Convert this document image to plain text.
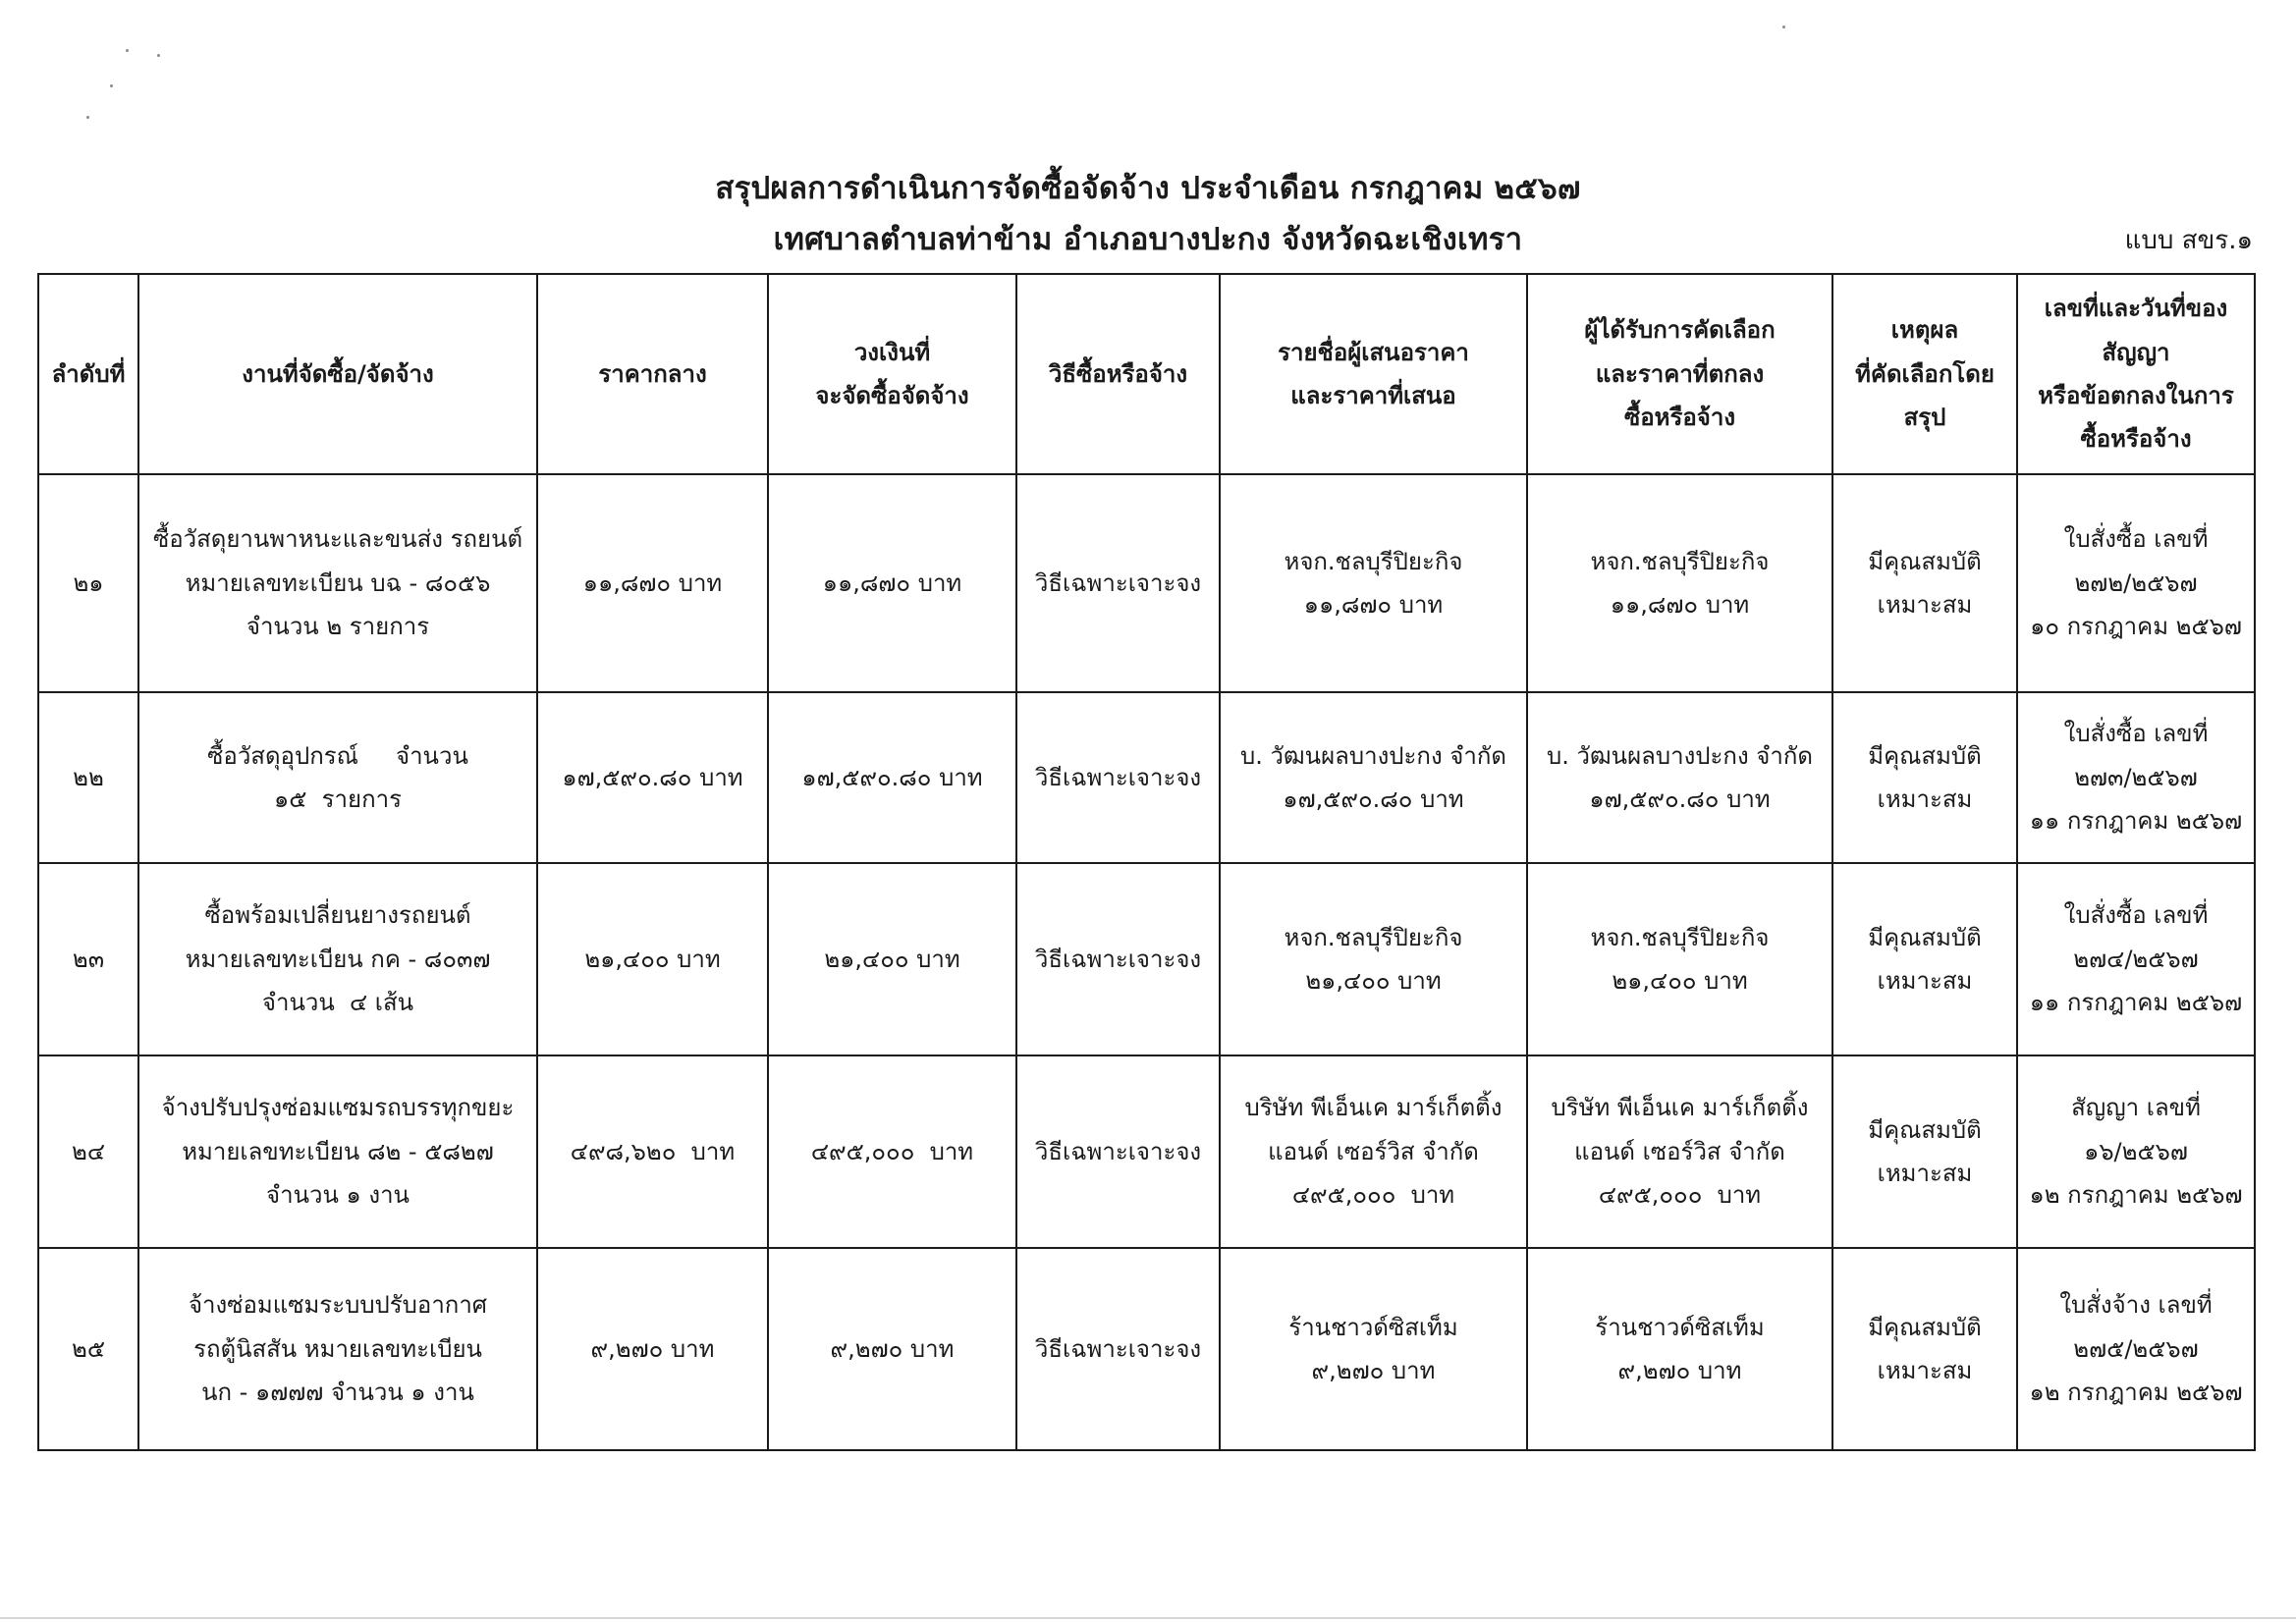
สรุปผลการดำเนินการจัดซื้อจัดจ้าง ประจำเดือน กรกฎาคม ๒๕๖๗
เทศบาลตำบลท่าข้าม อำเภอบางปะกง จังหวัดฉะเชิงเทรา	แบบ สขร.๑
ลำดับที่	งานที่จัดซื้อ/จัดจ้าง	ราคากลาง	วงเงินที่
จะจัดซื้อจัดจ้าง	วิธีซื้อหรือจ้าง	รายชื่อผู้เสนอราคา
และราคาที่เสนอ	ผู้ได้รับการคัดเลือก
และราคาที่ตกลง
ซื้อหรือจ้าง	เหตุผล
ที่คัดเลือกโดย
สรุป	เลขที่และวันที่ของ
สัญญา
หรือข้อตกลงในการ
ซื้อหรือจ้าง

๒๑	ซื้อวัสดุยานพาหนะและขนส่ง รถยนต์
หมายเลขทะเบียน บฉ - ๘๐๕๖
จำนวน ๒ รายการ	๑๑,๘๗๐ บาท	๑๑,๘๗๐ บาท	วิธีเฉพาะเจาะจง	หจก.ชลบุรีปิยะกิจ
๑๑,๘๗๐ บาท	หจก.ชลบุรีปิยะกิจ
๑๑,๘๗๐ บาท	มีคุณสมบัติ
เหมาะสม	ใบสั่งซื้อ เลขที่
๒๗๒/๒๕๖๗
๑๐ กรกฎาคม ๒๕๖๗

๒๒	ซื้อวัสดุอุปกรณ์     จำนวน
๑๕  รายการ	๑๗,๕๙๐.๘๐ บาท	๑๗,๕๙๐.๘๐ บาท	วิธีเฉพาะเจาะจง	บ. วัฒนผลบางปะกง จำกัด
๑๗,๕๙๐.๘๐ บาท	บ. วัฒนผลบางปะกง จำกัด
๑๗,๕๙๐.๘๐ บาท	มีคุณสมบัติ
เหมาะสม	ใบสั่งซื้อ เลขที่
๒๗๓/๒๕๖๗
๑๑ กรกฎาคม ๒๕๖๗

๒๓	ซื้อพร้อมเปลี่ยนยางรถยนต์
หมายเลขทะเบียน กค - ๘๐๓๗
จำนวน  ๔ เส้น	๒๑,๔๐๐ บาท	๒๑,๔๐๐ บาท	วิธีเฉพาะเจาะจง	หจก.ชลบุรีปิยะกิจ
๒๑,๔๐๐ บาท	หจก.ชลบุรีปิยะกิจ
๒๑,๔๐๐ บาท	มีคุณสมบัติ
เหมาะสม	ใบสั่งซื้อ เลขที่
๒๗๔/๒๕๖๗
๑๑ กรกฎาคม ๒๕๖๗

๒๔	จ้างปรับปรุงซ่อมแซมรถบรรทุกขยะ
หมายเลขทะเบียน ๘๒ - ๕๘๒๗
จำนวน ๑ งาน	๔๙๘,๖๒๐  บาท	๔๙๕,๐๐๐  บาท	วิธีเฉพาะเจาะจง	บริษัท พีเอ็นเค มาร์เก็ตติ้ง
แอนด์ เซอร์วิส จำกัด
๔๙๕,๐๐๐  บาท	บริษัท พีเอ็นเค มาร์เก็ตติ้ง
แอนด์ เซอร์วิส จำกัด
๔๙๕,๐๐๐  บาท	มีคุณสมบัติ
เหมาะสม	สัญญา เลขที่
๑๖/๒๕๖๗
๑๒ กรกฎาคม ๒๕๖๗

๒๕	จ้างซ่อมแซมระบบปรับอากาศ
รถตู้นิสสัน หมายเลขทะเบียน
นก - ๑๗๗๗ จำนวน ๑ งาน	๙,๒๗๐ บาท	๙,๒๗๐ บาท	วิธีเฉพาะเจาะจง	ร้านชาวด์ซิสเท็ม
๙,๒๗๐ บาท	ร้านชาวด์ซิสเท็ม
๙,๒๗๐ บาท	มีคุณสมบัติ
เหมาะสม	ใบสั่งจ้าง เลขที่
๒๗๕/๒๕๖๗
๑๒ กรกฎาคม ๒๕๖๗
